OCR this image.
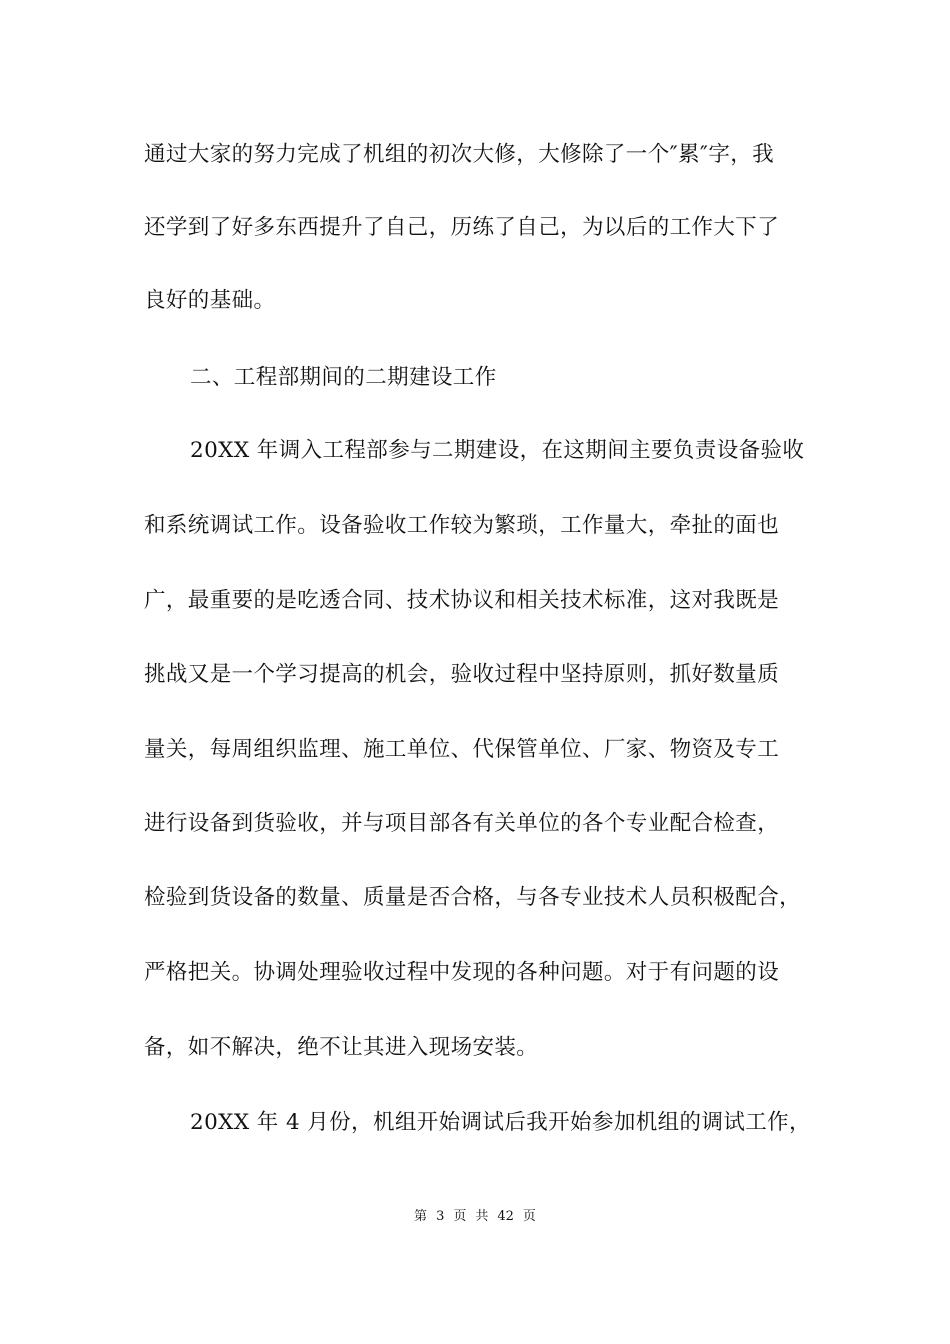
通过大家的努力完成了机组的初次大修，大修除了一个″累″字，我
还学到了好多东西提升了自己，历练了自己，为以后的工作大下了
良好的基础。
二、工程部期间的二期建设工作
20XX 年调入工程部参与二期建设，在这期间主要负责设备验收
和系统调试工作。设备验收工作较为繁琐，工作量大，牵扯的面也
广，最重要的是吃透合同、技术协议和相关技术标准，这对我既是
挑战又是一个学习提高的机会，验收过程中坚持原则，抓好数量质
量关，每周组织监理、施工单位、代保管单位、厂家、物资及专工
进行设备到货验收，并与项目部各有关单位的各个专业配合检查，
检验到货设备的数量、质量是否合格，与各专业技术人员积极配合，
严格把关。协调处理验收过程中发现的各种问题。对于有问题的设
备，如不解决，绝不让其进入现场安装。
20XX 年 4 月份，机组开始调试后我开始参加机组的调试工作，
第 3 页 共 42 页
